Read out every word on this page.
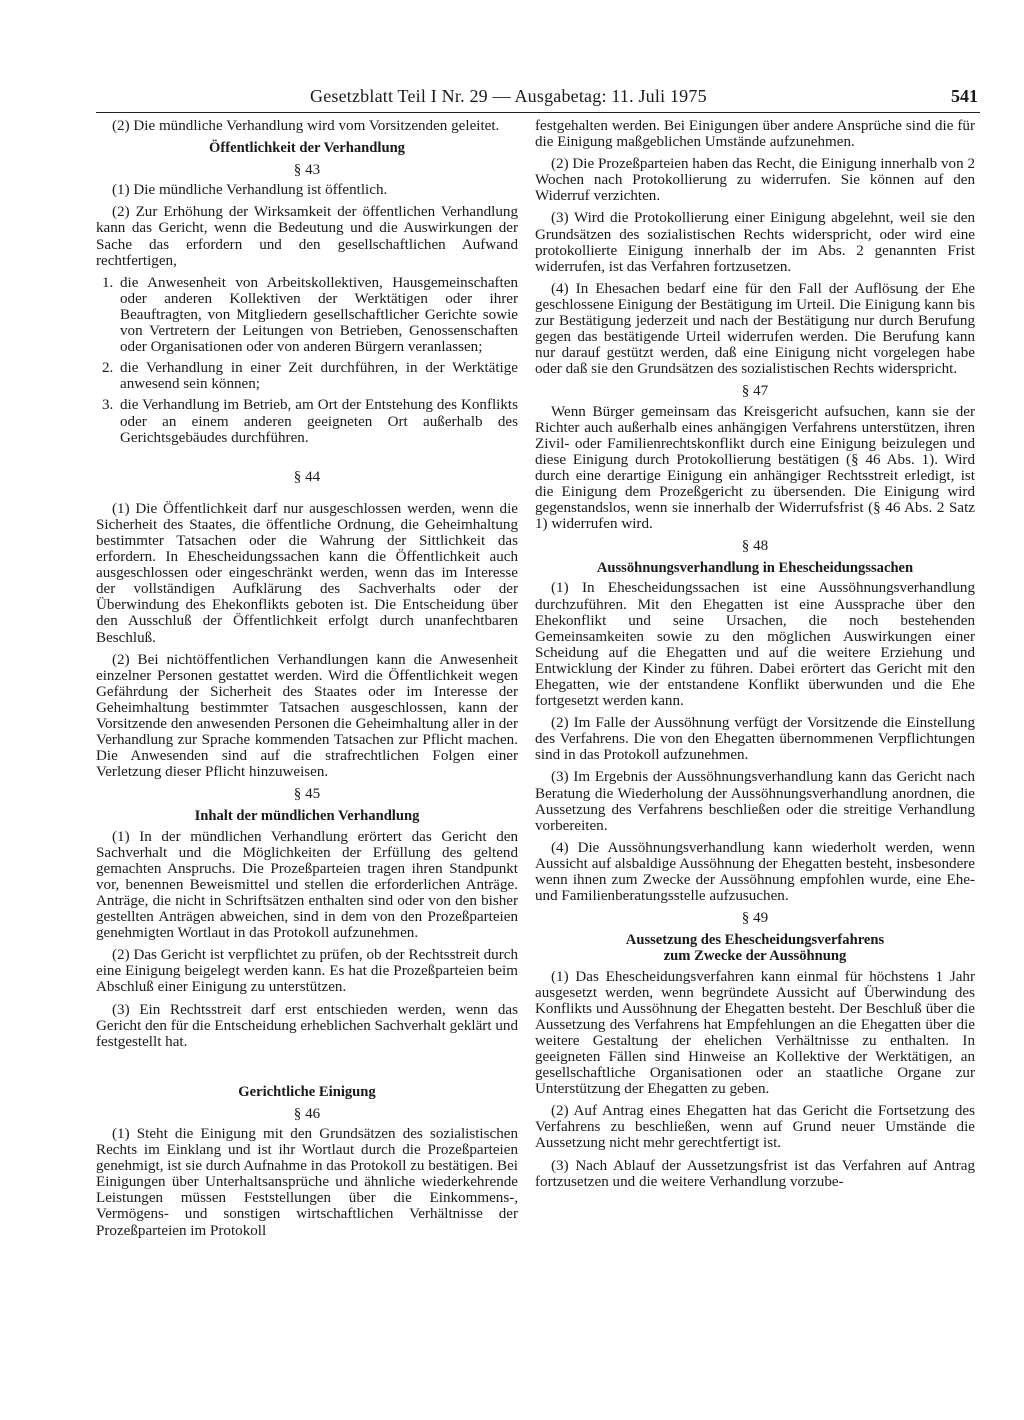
Gesetzblatt Teil I Nr. 29 — Ausgabetag: 11. Juli 1975	541

(2) Die mündliche Verhandlung wird vom Vorsitzenden geleitet.

Öffentlichkeit der Verhandlung
§ 43

(1) Die mündliche Verhandlung ist öffentlich.

(2) Zur Erhöhung der Wirksamkeit der öffentlichen Verhandlung kann das Gericht, wenn die Bedeutung und die Auswirkungen der Sache das erfordern und den gesellschaftlichen Aufwand rechtfertigen,

1. die Anwesenheit von Arbeitskollektiven, Hausgemeinschaften oder anderen Kollektiven der Werktätigen oder ihrer Beauftragten, von Mitgliedern gesellschaftlicher Gerichte sowie von Vertretern der Leitungen von Betrieben, Genossenschaften oder Organisationen oder von anderen Bürgern veranlassen;
2. die Verhandlung in einer Zeit durchführen, in der Werktätige anwesend sein können;
3. die Verhandlung im Betrieb, am Ort der Entstehung des Konflikts oder an einem anderen geeigneten Ort außerhalb des Gerichtsgebäudes durchführen.
§ 44

(1) Die Öffentlichkeit darf nur ausgeschlossen werden, wenn die Sicherheit des Staates, die öffentliche Ordnung, die Geheimhaltung bestimmter Tatsachen oder die Wahrung der Sittlichkeit das erfordern. In Ehescheidungssachen kann die Öffentlichkeit auch ausgeschlossen oder eingeschränkt werden, wenn das im Interesse der vollständigen Aufklärung des Sachverhalts oder der Überwindung des Ehekonflikts geboten ist. Die Entscheidung über den Ausschluß der Öffentlichkeit erfolgt durch unanfechtbaren Beschluß.

(2) Bei nichtöffentlichen Verhandlungen kann die Anwesenheit einzelner Personen gestattet werden. Wird die Öffentlichkeit wegen Gefährdung der Sicherheit des Staates oder im Interesse der Geheimhaltung bestimmter Tatsachen ausgeschlossen, kann der Vorsitzende den anwesenden Personen die Geheimhaltung aller in der Verhandlung zur Sprache kommenden Tatsachen zur Pflicht machen. Die Anwesenden sind auf die strafrechtlichen Folgen einer Verletzung dieser Pflicht hinzuweisen.

§ 45
Inhalt der mündlichen Verhandlung

(1) In der mündlichen Verhandlung erörtert das Gericht den Sachverhalt und die Möglichkeiten der Erfüllung des geltend gemachten Anspruchs. Die Prozeßparteien tragen ihren Standpunkt vor, benennen Beweismittel und stellen die erforderlichen Anträge. Anträge, die nicht in Schriftsätzen enthalten sind oder von den bisher gestellten Anträgen abweichen, sind in dem von den Prozeßparteien genehmigten Wortlaut in das Protokoll aufzunehmen.

(2) Das Gericht ist verpflichtet zu prüfen, ob der Rechtsstreit durch eine Einigung beigelegt werden kann. Es hat die Prozeßparteien beim Abschluß einer Einigung zu unterstützen.

(3) Ein Rechtsstreit darf erst entschieden werden, wenn das Gericht den für die Entscheidung erheblichen Sachverhalt geklärt und festgestellt hat.

Gerichtliche Einigung
§ 46

(1) Steht die Einigung mit den Grundsätzen des sozialistischen Rechts im Einklang und ist ihr Wortlaut durch die Prozeßparteien genehmigt, ist sie durch Aufnahme in das Protokoll zu bestätigen. Bei Einigungen über Unterhaltsansprüche und ähnliche wiederkehrende Leistungen müssen Feststellungen über die Einkommens-, Vermögens- und sonstigen wirtschaftlichen Verhältnisse der Prozeßparteien im Protokoll

festgehalten werden. Bei Einigungen über andere Ansprüche sind die für die Einigung maßgeblichen Umstände aufzunehmen.

(2) Die Prozeßparteien haben das Recht, die Einigung innerhalb von 2 Wochen nach Protokollierung zu widerrufen. Sie können auf den Widerruf verzichten.

(3) Wird die Protokollierung einer Einigung abgelehnt, weil sie den Grundsätzen des sozialistischen Rechts widerspricht, oder wird eine protokollierte Einigung innerhalb der im Abs. 2 genannten Frist widerrufen, ist das Verfahren fortzusetzen.

(4) In Ehesachen bedarf eine für den Fall der Auflösung der Ehe geschlossene Einigung der Bestätigung im Urteil. Die Einigung kann bis zur Bestätigung jederzeit und nach der Bestätigung nur durch Berufung gegen das bestätigende Urteil widerrufen werden. Die Berufung kann nur darauf gestützt werden, daß eine Einigung nicht vorgelegen habe oder daß sie den Grundsätzen des sozialistischen Rechts widerspricht.

§ 47

Wenn Bürger gemeinsam das Kreisgericht aufsuchen, kann sie der Richter auch außerhalb eines anhängigen Verfahrens unterstützen, ihren Zivil- oder Familienrechtskonflikt durch eine Einigung beizulegen und diese Einigung durch Protokollierung bestätigen (§ 46 Abs. 1). Wird durch eine derartige Einigung ein anhängiger Rechtsstreit erledigt, ist die Einigung dem Prozeßgericht zu übersenden. Die Einigung wird gegenstandslos, wenn sie innerhalb der Widerrufsfrist (§ 46 Abs. 2 Satz 1) widerrufen wird.

§ 48
Aussöhnungsverhandlung in Ehescheidungssachen

(1) In Ehescheidungssachen ist eine Aussöhnungsverhandlung durchzuführen. Mit den Ehegatten ist eine Aussprache über den Ehekonflikt und seine Ursachen, die noch bestehenden Gemeinsamkeiten sowie zu den möglichen Auswirkungen einer Scheidung auf die Ehegatten und auf die weitere Erziehung und Entwicklung der Kinder zu führen. Dabei erörtert das Gericht mit den Ehegatten, wie der entstandene Konflikt überwunden und die Ehe fortgesetzt werden kann.

(2) Im Falle der Aussöhnung verfügt der Vorsitzende die Einstellung des Verfahrens. Die von den Ehegatten übernommenen Verpflichtungen sind in das Protokoll aufzunehmen.

(3) Im Ergebnis der Aussöhnungsverhandlung kann das Gericht nach Beratung die Wiederholung der Aussöhnungsverhandlung anordnen, die Aussetzung des Verfahrens beschließen oder die streitige Verhandlung vorbereiten.

(4) Die Aussöhnungsverhandlung kann wiederholt werden, wenn Aussicht auf alsbaldige Aussöhnung der Ehegatten besteht, insbesondere wenn ihnen zum Zwecke der Aussöhnung empfohlen wurde, eine Ehe- und Familienberatungsstelle aufzusuchen.

§ 49
Aussetzung des Ehescheidungsverfahrens
zum Zwecke der Aussöhnung

(1) Das Ehescheidungsverfahren kann einmal für höchstens 1 Jahr ausgesetzt werden, wenn begründete Aussicht auf Überwindung des Konflikts und Aussöhnung der Ehegatten besteht. Der Beschluß über die Aussetzung des Verfahrens hat Empfehlungen an die Ehegatten über die weitere Gestaltung der ehelichen Verhältnisse zu enthalten. In geeigneten Fällen sind Hinweise an Kollektive der Werktätigen, an gesellschaftliche Organisationen oder an staatliche Organe zur Unterstützung der Ehegatten zu geben.

(2) Auf Antrag eines Ehegatten hat das Gericht die Fortsetzung des Verfahrens zu beschließen, wenn auf Grund neuer Umstände die Aussetzung nicht mehr gerechtfertigt ist.

(3) Nach Ablauf der Aussetzungsfrist ist das Verfahren auf Antrag fortzusetzen und die weitere Verhandlung vorzube-
